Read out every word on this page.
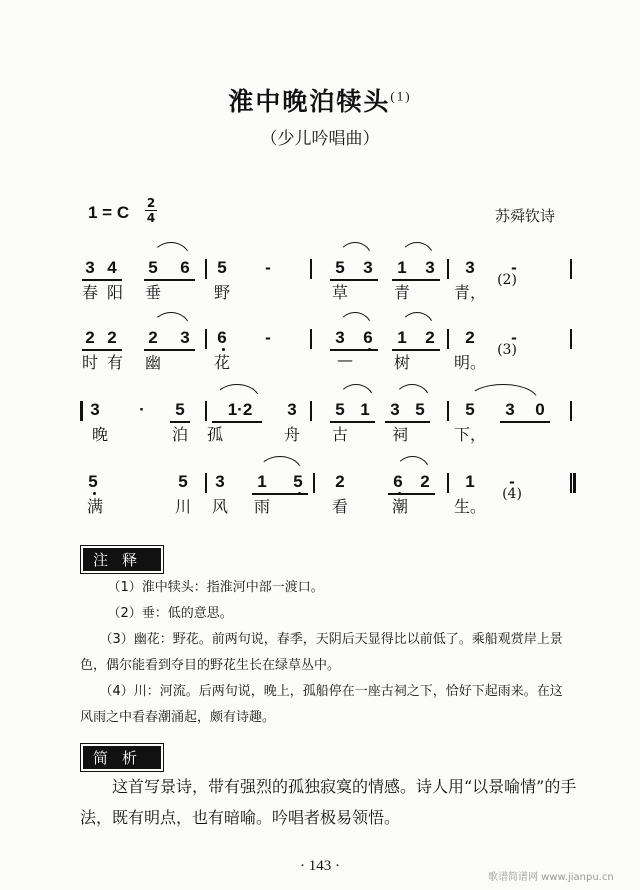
淮中晚泊犊头$^{(1)}$
（少儿吟唱曲）
1 = C 2
4	苏舜钦诗
3 4 5 6 5 -	5 3 1 3 3 -
春 阳 垂	野	草	青	青，
(2)
2 2 2 3 6 -	3 6 1 2 2 -
时 有 幽	花	—	树	明。
(3)
3 · 5	1·2 3 5 1 3 5 5 3 0
晚	泊 孤	舟 古	祠	下，
5	5 3 1 5 2	6 2 1 -
满	川 风 雨	看	潮	生。
(4)
注释
（1）淮中犊头：指淮河中部一渡口。
（2）垂：低的意思。
（3）幽花：野花。前两句说，春季，天阴后天显得比以前低了。乘船观赏岸上景色，偶尔能看到夺目的野花生长在绿草丛中。
（4）川：河流。后两句说，晚上，孤船停在一座古祠之下，恰好下起雨来。在这风雨之中看春潮涌起，颇有诗趣。
简析
这首写景诗，带有强烈的孤独寂寞的情感。诗人用“以景喻情”的手法，既有明点，也有暗喻。吟唱者极易领悟。
· 143 ·
歌谱简谱网 www.jianpu.cn
